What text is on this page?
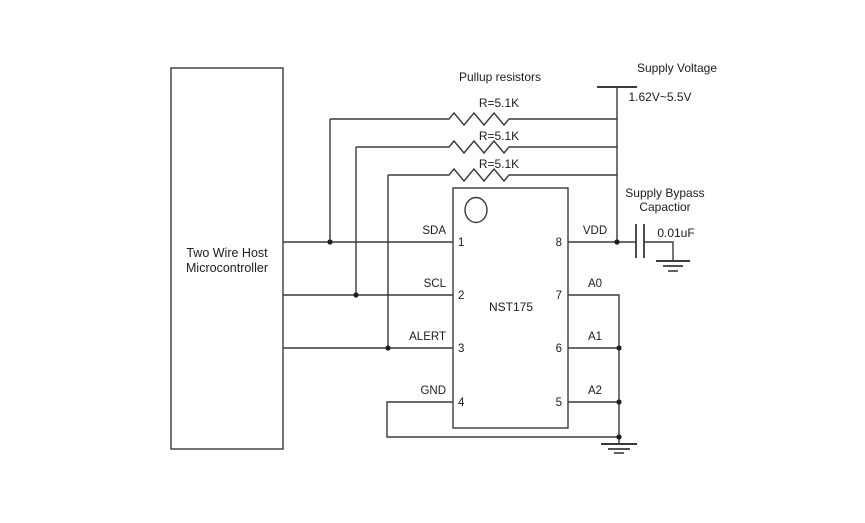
Two Wire Host
Microcontroller
NST175
SDA
SCL
ALERT
GND
1
2
3
4
8
7
6
5
VDD
A0
A1
A2
Pullup resistors
R=5.1K
R=5.1K
R=5.1K
Supply Voltage
1.62V~5.5V
Supply Bypass
Capactior
0.01uF
